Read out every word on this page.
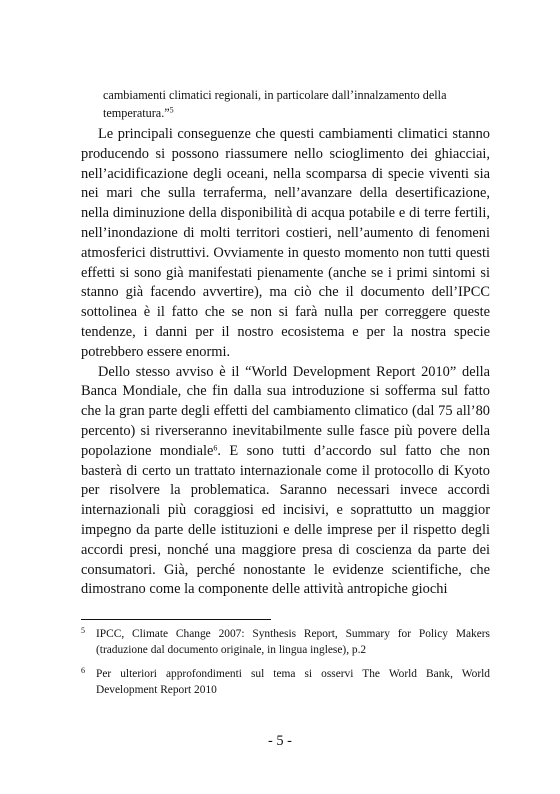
cambiamenti climatici regionali, in particolare dall’innalzamento della temperatura.”$^5$

Le principali conseguenze che questi cambiamenti climatici stanno producendo si possono riassumere nello scioglimento dei ghiacciai, nell’acidificazione degli oceani, nella scomparsa di specie viventi sia nei mari che sulla terraferma, nell’avanzare della desertificazione, nella diminuzione della disponibilità di acqua potabile e di terre fertili, nell’inondazione di molti territori costieri, nell’aumento di fenomeni atmosferici distruttivi. Ovviamente in questo momento non tutti questi effetti si sono già manifestati pienamente (anche se i primi sintomi si stanno già facendo avvertire), ma ciò che il documento dell’IPCC sottolinea è il fatto che se non si farà nulla per correggere queste tendenze, i danni per il nostro ecosistema e per la nostra specie potrebbero essere enormi.

Dello stesso avviso è il “World Development Report 2010” della Banca Mondiale, che fin dalla sua introduzione si sofferma sul fatto che la gran parte degli effetti del cambiamento climatico (dal 75 all’80 percento) si riverseranno inevitabilmente sulle fasce più povere della popolazione mondiale$^6$. E sono tutti d’accordo sul fatto che non basterà di certo un trattato internazionale come il protocollo di Kyoto per risolvere la problematica. Saranno necessari invece accordi internazionali più coraggiosi ed incisivi, e soprattutto un maggior impegno da parte delle istituzioni e delle imprese per il rispetto degli accordi presi, nonché una maggiore presa di coscienza da parte dei consumatori. Già, perché nonostante le evidenze scientifiche, che dimostrano come la componente delle attività antropiche giochi

5 IPCC, Climate Change 2007: Synthesis Report, Summary for Policy Makers (traduzione dal documento originale, in lingua inglese), p.2
6 Per ulteriori approfondimenti sul tema si osservi The World Bank, World Development Report 2010
- 5 -
